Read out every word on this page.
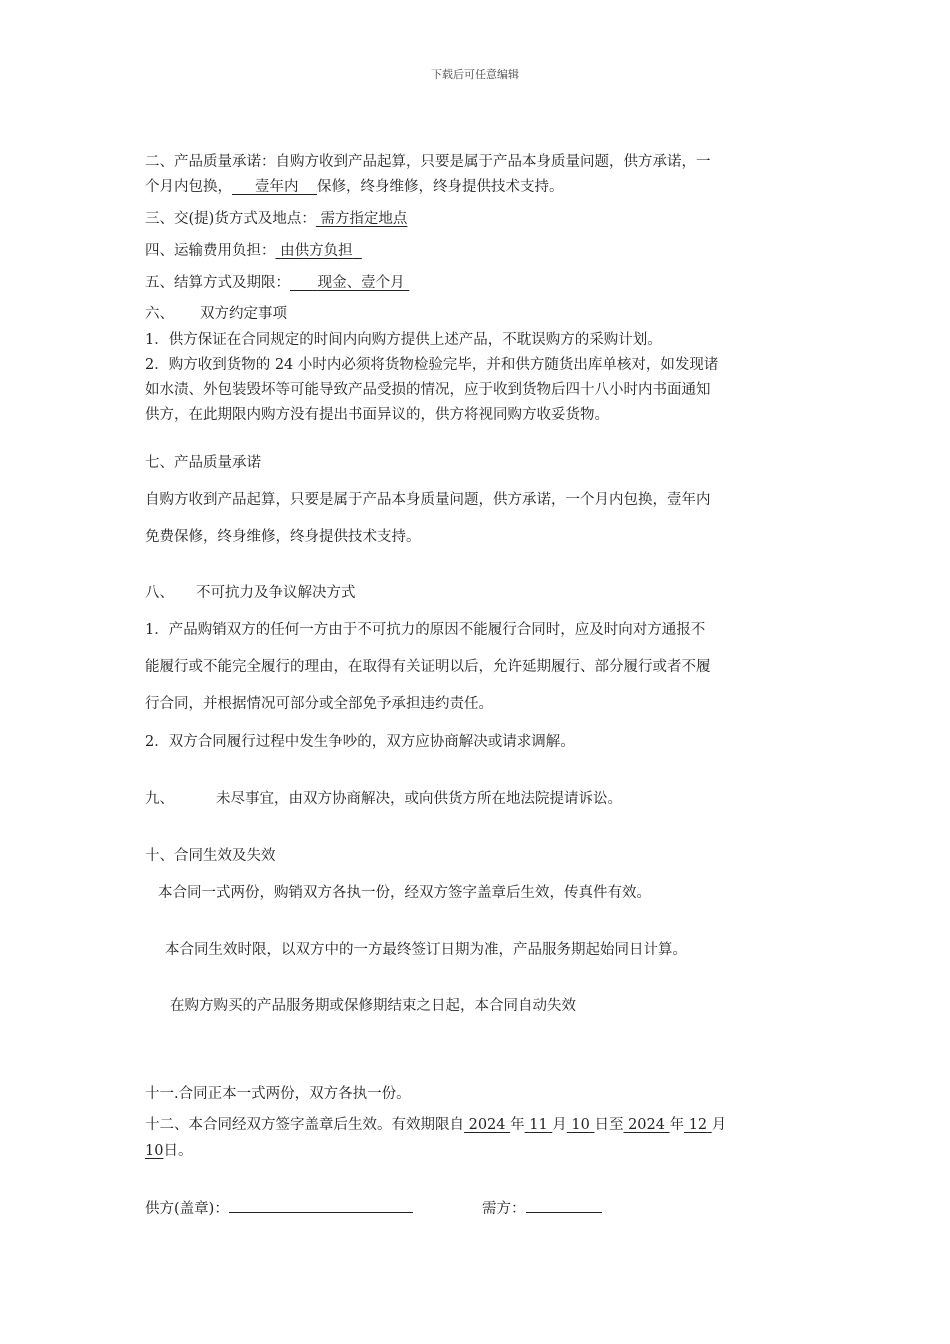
下载后可任意编辑
二、产品质量承诺：自购方收到产品起算，只要是属于产品本身质量问题，供方承诺，一
个月内包换， 壹年内 保修，终身维修，终身提供技术支持。
三、交(提)货方式及地点： 需方指定地点
四、运输费用负担： 由供方负担
五、结算方式及期限： 现金、壹个月
六、 双方约定事项
1．供方保证在合同规定的时间内向购方提供上述产品，不耽误购方的采购计划。
2．购方收到货物的 24 小时内必须将货物检验完毕，并和供方随货出库单核对，如发现诸
如水渍、外包装毁坏等可能导致产品受损的情况，应于收到货物后四十八小时内书面通知
供方，在此期限内购方没有提出书面异议的，供方将视同购方收妥货物。
七、产品质量承诺
自购方收到产品起算，只要是属于产品本身质量问题，供方承诺，一个月内包换，壹年内
免费保修，终身维修，终身提供技术支持。
八、 不可抗力及争议解决方式
1．产品购销双方的任何一方由于不可抗力的原因不能履行合同时，应及时向对方通报不
能履行或不能完全履行的理由，在取得有关证明以后，允许延期履行、部分履行或者不履
行合同，并根据情况可部分或全部免予承担违约责任。
2．双方合同履行过程中发生争吵的，双方应协商解决或请求调解。
九、	未尽事宜，由双方协商解决，或向供货方所在地法院提请诉讼。
十、合同生效及失效
本合同一式两份，购销双方各执一份，经双方签字盖章后生效，传真件有效。
本合同生效时限，以双方中的一方最终签订日期为准，产品服务期起始同日计算。
在购方购买的产品服务期或保修期结束之日起，本合同自动失效
十一.合同正本一式两份，双方各执一份。
十二、本合同经双方签字盖章后生效。有效期限自 2024 年 11 月 10 日至 2024 年 12 月
10日。
供方(盖章)：	需方：
